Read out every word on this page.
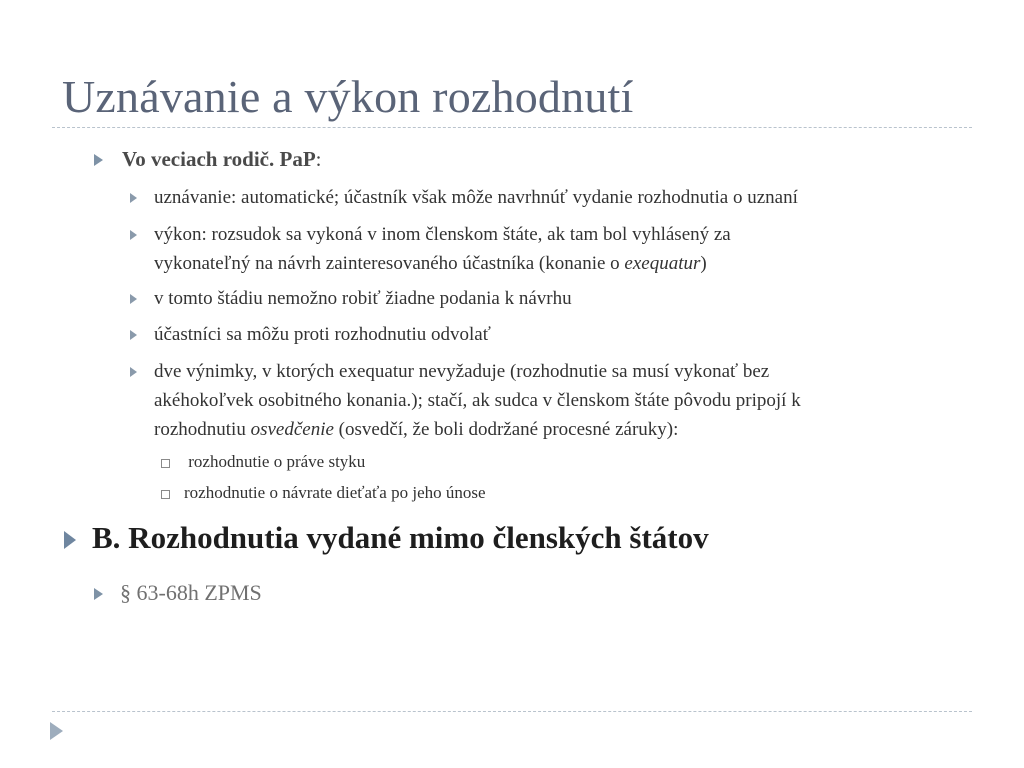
Uznávanie a výkon rozhodnutí
Vo veciach rodič. PaP:
uznávanie: automatické; účastník však môže navrhnúť vydanie rozhodnutia o uznaní
výkon: rozsudok sa vykoná v inom členskom štáte, ak tam bol vyhlásený za
vykonateľný na návrh zainteresovaného účastníka (konanie o exequatur)
v tomto štádiu nemožno robiť žiadne podania k návrhu
účastníci sa môžu proti rozhodnutiu odvolať
dve výnimky, v ktorých exequatur nevyžaduje (rozhodnutie sa musí vykonať bez
akéhokoľvek osobitného konania.); stačí, ak sudca v členskom štáte pôvodu pripojí k
rozhodnutiu osvedčenie (osvedčí, že boli dodržané procesné záruky):
rozhodnutie o práve styku
rozhodnutie o návrate dieťaťa po jeho únose
B. Rozhodnutia vydané mimo členských štátov
§ 63-68h ZPMS
